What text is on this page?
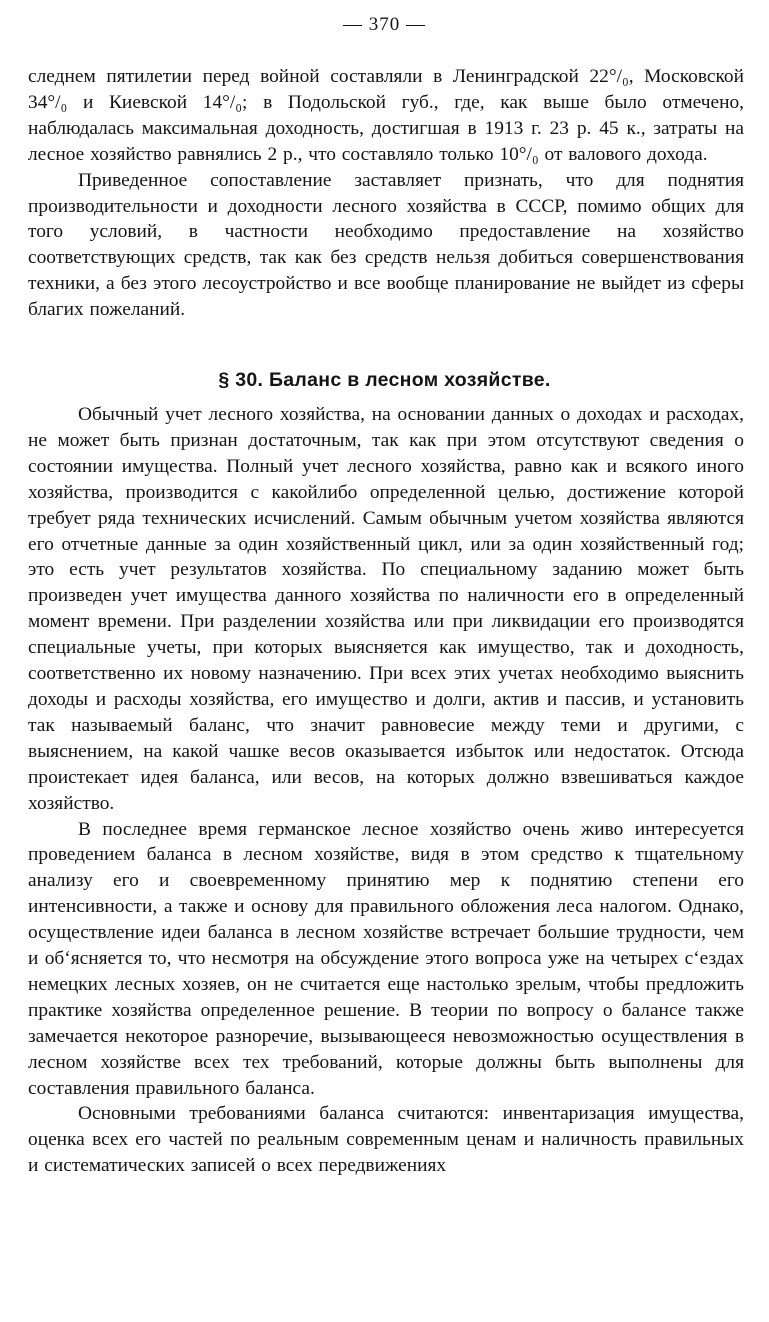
— 370 —

следнем пятилетии перед войной составляли в Ленинградской 22°/₀, Московской 34°/₀ и Киевской 14°/₀; в Подольской губ., где, как выше было отмечено, наблюдалась максимальная доходность, достигшая в 1913 г. 23 р. 45 к., затраты на лесное хозяйство равнялись 2 р., что составляло только 10°/₀ от валового дохода.

Приведенное сопоставление заставляет признать, что для поднятия производительности и доходности лесного хозяйства в СССР, помимо общих для того условий, в частности необходимо предоставление на хозяйство соответствующих средств, так как без средств нельзя добиться совершенствования техники, а без этого лесоустройство и все вообще планирование не выйдет из сферы благих пожеланий.

§ 30. Баланс в лесном хозяйстве.

Обычный учет лесного хозяйства, на основании данных о доходах и расходах, не может быть признан достаточным, так как при этом отсутствуют сведения о состоянии имущества. Полный учет лесного хозяйства, равно как и всякого иного хозяйства, производится с какойлибо определенной целью, достижение которой требует ряда технических исчислений. Самым обычным учетом хозяйства являются его отчетные данные за один хозяйственный цикл, или за один хозяйственный год; это есть учет результатов хозяйства. По специальному заданию может быть произведен учет имущества данного хозяйства по наличности его в определенный момент времени. При разделении хозяйства или при ликвидации его производятся специальные учеты, при которых выясняется как имущество, так и доходность, соответственно их новому назначению. При всех этих учетах необходимо выяснить доходы и расходы хозяйства, его имущество и долги, актив и пассив, и установить так называемый баланс, что значит равновесие между теми и другими, с выяснением, на какой чашке весов оказывается избыток или недостаток. Отсюда проистекает идея баланса, или весов, на которых должно взвешиваться каждое хозяйство.

В последнее время германское лесное хозяйство очень живо интересуется проведением баланса в лесном хозяйстве, видя в этом средство к тщательному анализу его и своевременному принятию мер к поднятию степени его интенсивности, а также и основу для правильного обложения леса налогом. Однако, осуществление идеи баланса в лесном хозяйстве встречает большие трудности, чем и об‘ясняется то, что несмотря на обсуждение этого вопроса уже на четырех с‘ездах немецких лесных хозяев, он не считается еще настолько зрелым, чтобы предложить практике хозяйства определенное решение. В теории по вопросу о балансе также замечается некоторое разноречие, вызывающееся невозможностью осуществления в лесном хозяйстве всех тех требований, которые должны быть выполнены для составления правильного баланса.

Основными требованиями баланса считаются: инвентаризация имущества, оценка всех его частей по реальным современным ценам и наличность правильных и систематических записей о всех передвижениях
